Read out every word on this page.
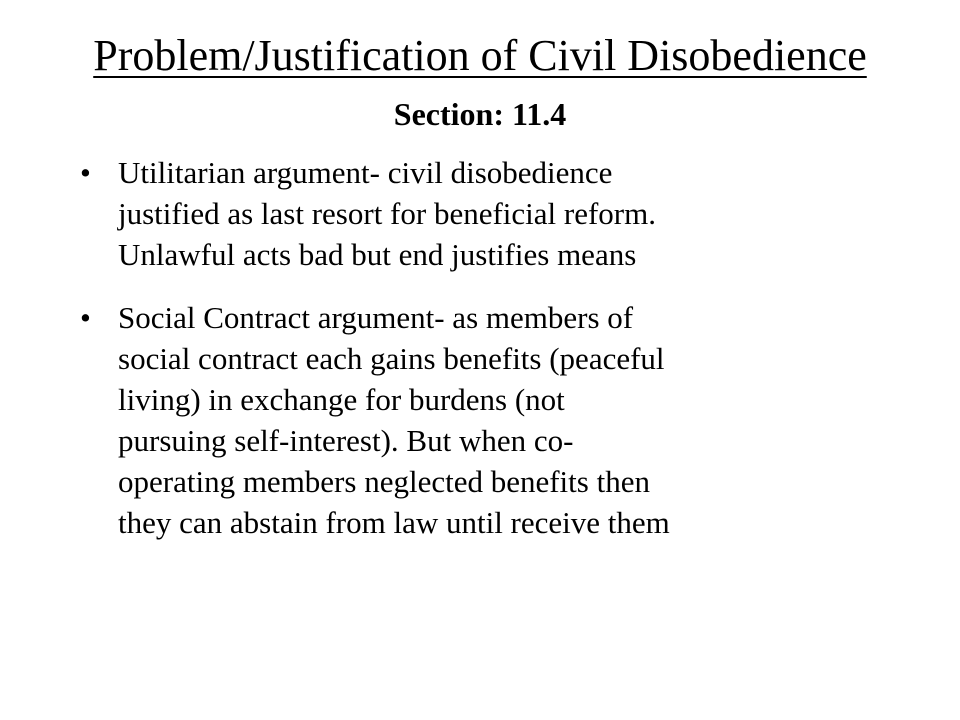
Problem/Justification of Civil Disobedience
Section: 11.4
• Utilitarian argument- civil disobedience
justified as last resort for beneficial reform.
Unlawful acts bad but end justifies means
• Social Contract argument- as members of
social contract each gains benefits (peaceful
living) in exchange for burdens (not
pursuing self-interest). But when co-
operating members neglected benefits then
they can abstain from law until receive them
